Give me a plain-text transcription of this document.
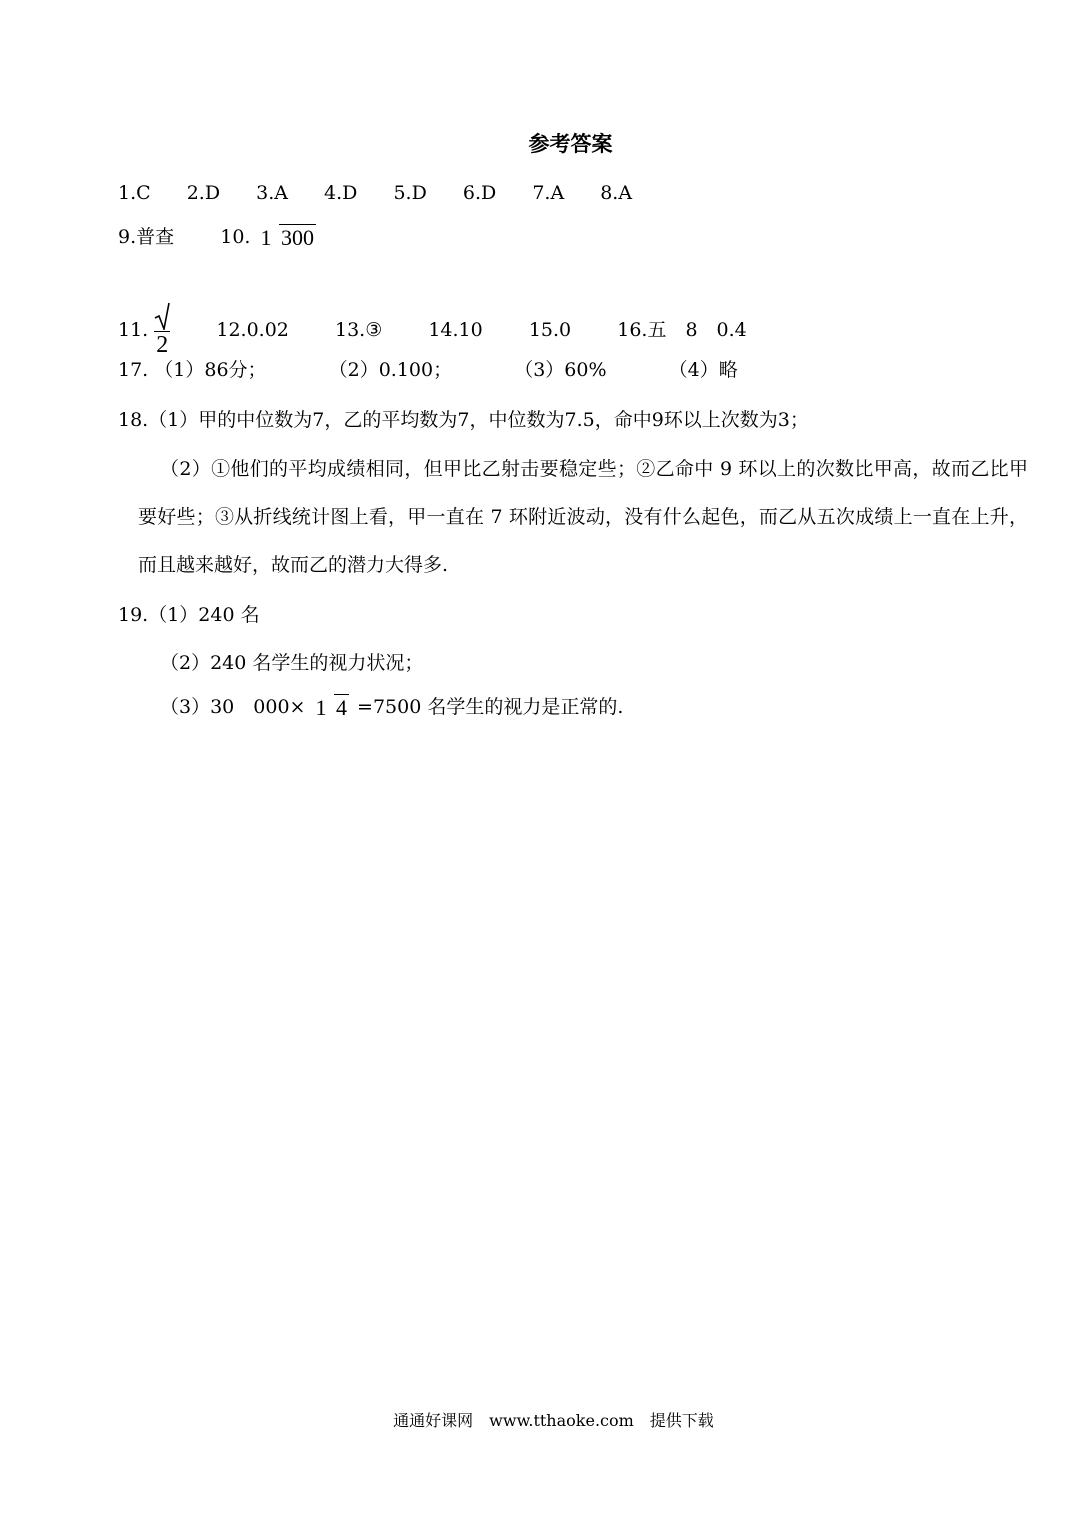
参考答案
1.C 2.D 3.A 4.D 5.D 6.D 7.A 8.A
9.普查 10. 1 300
11.
2  12.0.02 13.③ 14.10 15.0 16.五　8　0.4
17. （1）86分；	（2）0.100；	（3）60%	（4）略
18.（1）甲的中位数为7，乙的平均数为7，中位数为7.5，命中9环以上次数为3；
（2）①他们的平均成绩相同，但甲比乙射击要稳定些；②乙命中 9 环以上的次数比甲高，故而乙比甲要好些；③从折线统计图上看，甲一直在 7 环附近波动，没有什么起色，而乙从五次成绩上一直在上升，而且越来越好，故而乙的潜力大得多.
19.（1）240 名
（2）240 名学生的视力状况；
（3）30　000× 1 4 =7500 名学生的视力是正常的.
通通好课网　www.tthaoke.com　提供下载
